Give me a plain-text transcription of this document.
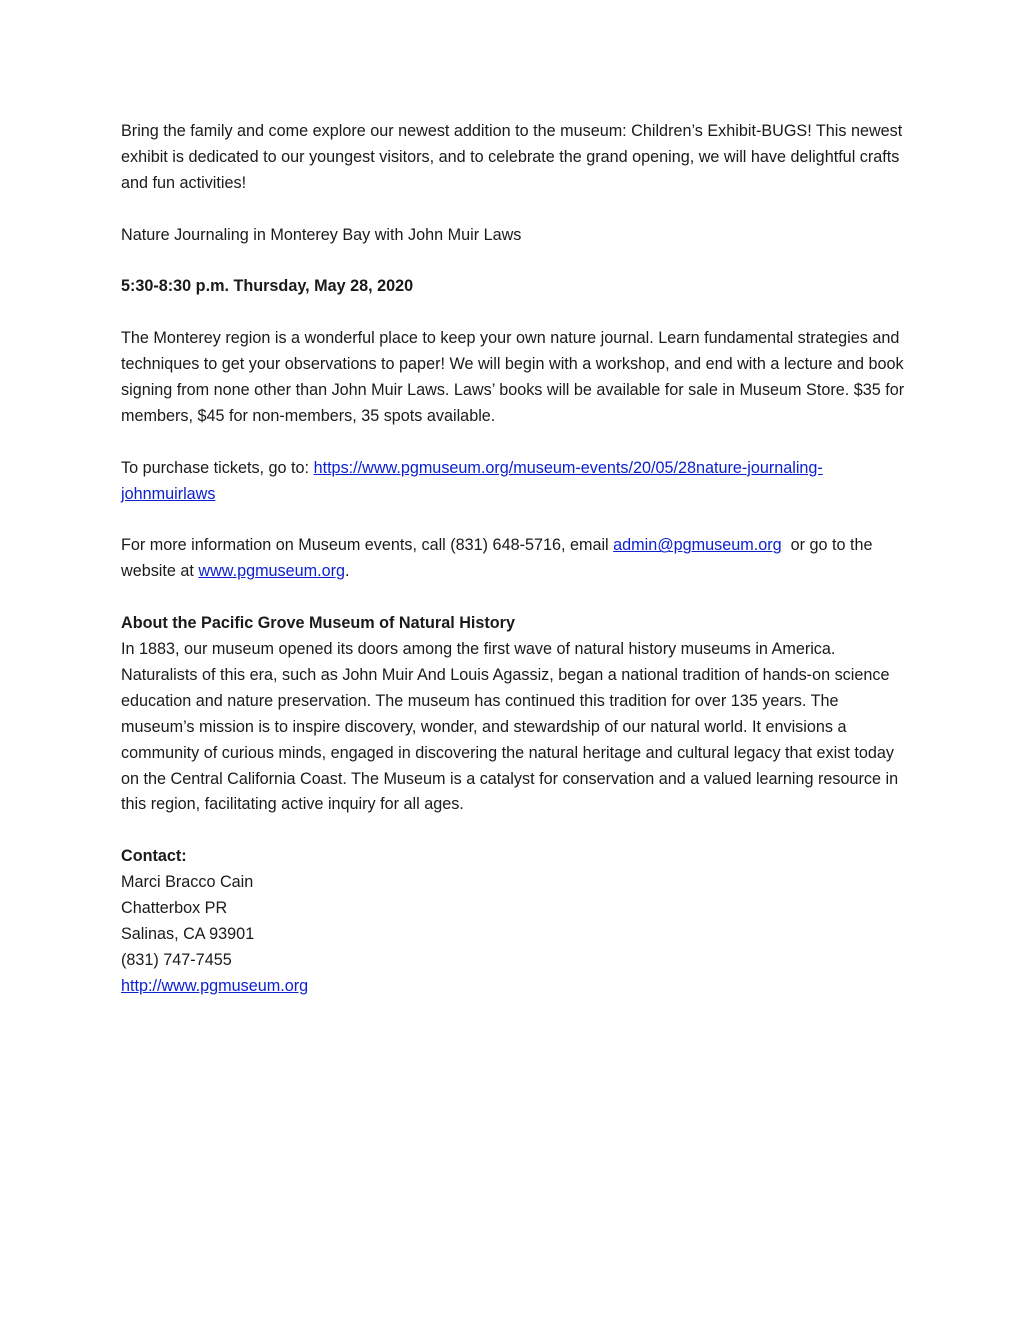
Bring the family and come explore our newest addition to the museum: Children’s Exhibit-BUGS! This newest exhibit is dedicated to our youngest visitors, and to celebrate the grand opening, we will have delightful crafts and fun activities!

Nature Journaling in Monterey Bay with John Muir Laws

5:30-8:30 p.m. Thursday, May 28, 2020

The Monterey region is a wonderful place to keep your own nature journal. Learn fundamental strategies and techniques to get your observations to paper! We will begin with a workshop, and end with a lecture and book signing from none other than John Muir Laws. Laws’ books will be available for sale in Museum Store. $35 for members, $45 for non-members, 35 spots available.

To purchase tickets, go to: https://www.pgmuseum.org/museum-events/20/05/28nature-journaling-johnmuirlaws

For more information on Museum events, call (831) 648-5716, email admin@pgmuseum.org  or go to the website at www.pgmuseum.org.

About the Pacific Grove Museum of Natural History
In 1883, our museum opened its doors among the first wave of natural history museums in America. Naturalists of this era, such as John Muir And Louis Agassiz, began a national tradition of hands-on science education and nature preservation. The museum has continued this tradition for over 135 years. The museum’s mission is to inspire discovery, wonder, and stewardship of our natural world. It envisions a community of curious minds, engaged in discovering the natural heritage and cultural legacy that exist today on the Central California Coast. The Museum is a catalyst for conservation and a valued learning resource in this region, facilitating active inquiry for all ages.

Contact:
Marci Bracco Cain
Chatterbox PR
Salinas, CA 93901
(831) 747-7455
http://www.pgmuseum.org
